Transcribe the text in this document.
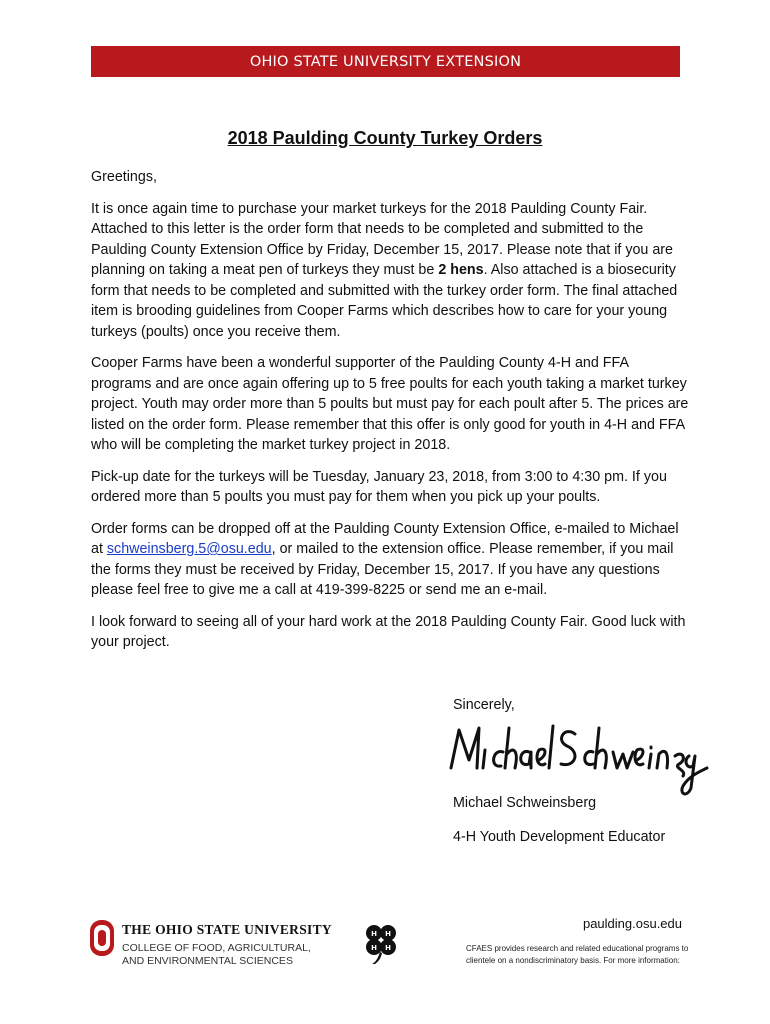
OHIO STATE UNIVERSITY EXTENSION
2018 Paulding County Turkey Orders

Greetings,

It is once again time to purchase your market turkeys for the 2018 Paulding County Fair. Attached to this letter is the order form that needs to be completed and submitted to the Paulding County Extension Office by Friday, December 15, 2017. Please note that if you are planning on taking a meat pen of turkeys they must be 2 hens. Also attached is a biosecurity form that needs to be completed and submitted with the turkey order form. The final attached item is brooding guidelines from Cooper Farms which describes how to care for your young turkeys (poults) once you receive them.

Cooper Farms have been a wonderful supporter of the Paulding County 4-H and FFA programs and are once again offering up to 5 free poults for each youth taking a market turkey project. Youth may order more than 5 poults but must pay for each poult after 5. The prices are listed on the order form. Please remember that this offer is only good for youth in 4-H and FFA who will be completing the market turkey project in 2018.

Pick-up date for the turkeys will be Tuesday, January 23, 2018, from 3:00 to 4:30 pm. If you ordered more than 5 poults you must pay for them when you pick up your poults.

Order forms can be dropped off at the Paulding County Extension Office, e-mailed to Michael at schweinsberg.5@osu.edu, or mailed to the extension office. Please remember, if you mail the forms they must be received by Friday, December 15, 2017. If you have any questions please feel free to give me a call at 419-399-8225 or send me an e-mail.

I look forward to seeing all of your hard work at the 2018 Paulding County Fair. Good luck with your project.

Sincerely,
Michael Schweinsberg
4-H Youth Development Educator
THE OHIO STATE UNIVERSITY
COLLEGE OF FOOD, AGRICULTURAL,
AND ENVIRONMENTAL SCIENCES
H H
H H
paulding.osu.edu
CFAES provides research and related educational programs to
clientele on a nondiscriminatory basis. For more information:
